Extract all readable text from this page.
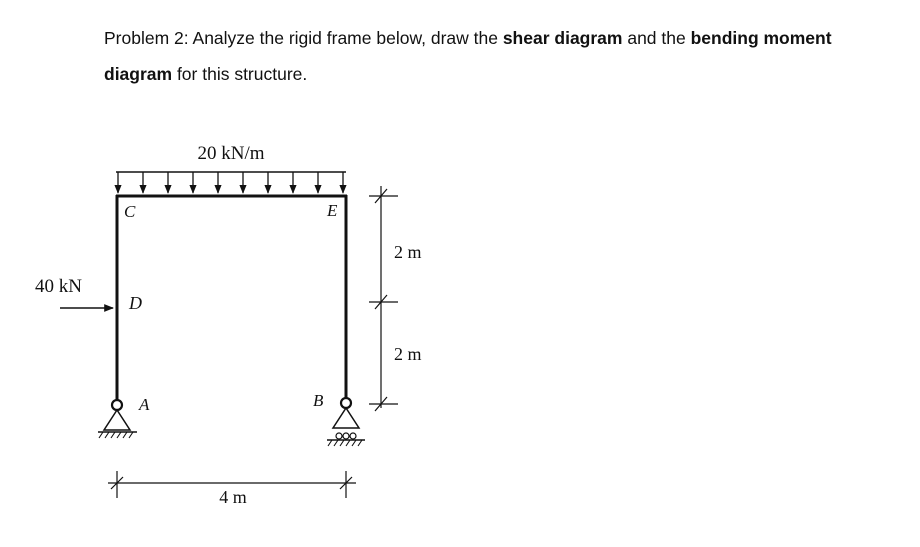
Problem 2: Analyze the rigid frame below, draw the shear diagram and the bending moment diagram for this structure.
20 kN/m
C	E
D
A	B
40 kN
2 m
2 m
4 m
